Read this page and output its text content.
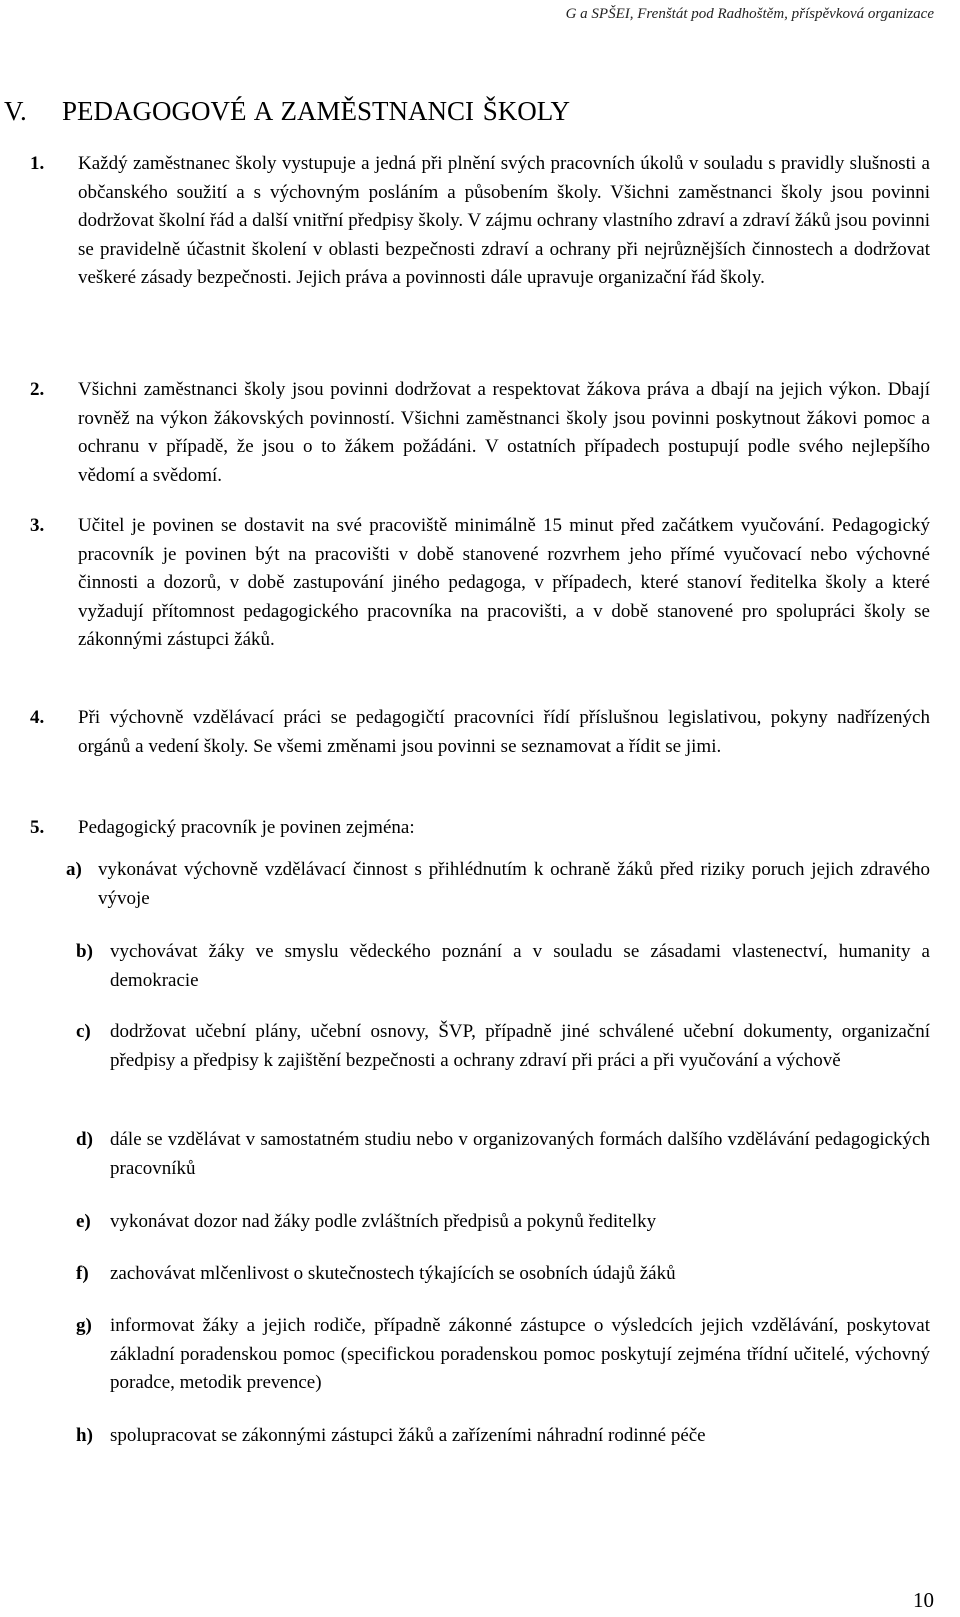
G a SPŠEI, Frenštát pod Radhoštěm, příspěvková organizace
V. PEDAGOGOVÉ A ZAMĚSTNANCI ŠKOLY
1.	Každý zaměstnanec školy vystupuje a jedná při plnění svých pracovních úkolů v souladu s pravidly slušnosti a občanského soužití a s výchovným posláním a působením školy. Všichni zaměstnanci školy jsou povinni dodržovat školní řád a další vnitřní předpisy školy. V zájmu ochrany vlastního zdraví a zdraví žáků jsou povinni se pravidelně účastnit školení v oblasti bezpečnosti zdraví a ochrany při nejrůznějších činnostech a dodržovat veškeré zásady bezpečnosti. Jejich práva a povinnosti dále upravuje organizační řád školy.
2.	Všichni zaměstnanci školy jsou povinni dodržovat a respektovat žákova práva a dbají na jejich výkon. Dbají rovněž na výkon žákovských povinností. Všichni zaměstnanci školy jsou povinni poskytnout žákovi pomoc a ochranu v případě, že jsou o to žákem požádáni. V ostatních případech postupují podle svého nejlepšího vědomí a svědomí.
3.	Učitel je povinen se dostavit na své pracoviště minimálně 15 minut před začátkem vyučování. Pedagogický pracovník je povinen být na pracovišti v době stanovené rozvrhem jeho přímé vyučovací nebo výchovné činnosti a dozorů, v době zastupování jiného pedagoga, v případech, které stanoví ředitelka školy a které vyžadují přítomnost pedagogického pracovníka na pracovišti, a v době stanovené pro spolupráci školy se zákonnými zástupci žáků.
4.	Při výchovně vzdělávací práci se pedagogičtí pracovníci řídí příslušnou legislativou, pokyny nadřízených orgánů a vedení školy. Se všemi změnami jsou povinni se seznamovat a řídit se jimi.
5.	Pedagogický pracovník je povinen zejména:
a) vykonávat výchovně vzdělávací činnost s přihlédnutím k ochraně žáků před riziky poruch jejich zdravého vývoje
b) vychovávat žáky ve smyslu vědeckého poznání a v souladu se zásadami vlastenectví, humanity a demokracie
c)	dodržovat učební plány, učební osnovy, ŠVP, případně jiné schválené učební dokumenty, organizační předpisy a předpisy k zajištění bezpečnosti a ochrany zdraví při práci a při vyučování a výchově
d) dále se vzdělávat v samostatném studiu nebo v organizovaných formách dalšího vzdělávání pedagogických pracovníků
e)	vykonávat dozor nad žáky podle zvláštních předpisů a pokynů ředitelky
f)	zachovávat mlčenlivost o skutečnostech týkajících se osobních údajů žáků
g) informovat žáky a jejich rodiče, případně zákonné zástupce o výsledcích jejich vzdělávání, poskytovat základní poradenskou pomoc (specifickou poradenskou pomoc poskytují zejména třídní učitelé, výchovný poradce, metodik prevence)
h) spolupracovat se zákonnými zástupci žáků a zařízeními náhradní rodinné péče
10
